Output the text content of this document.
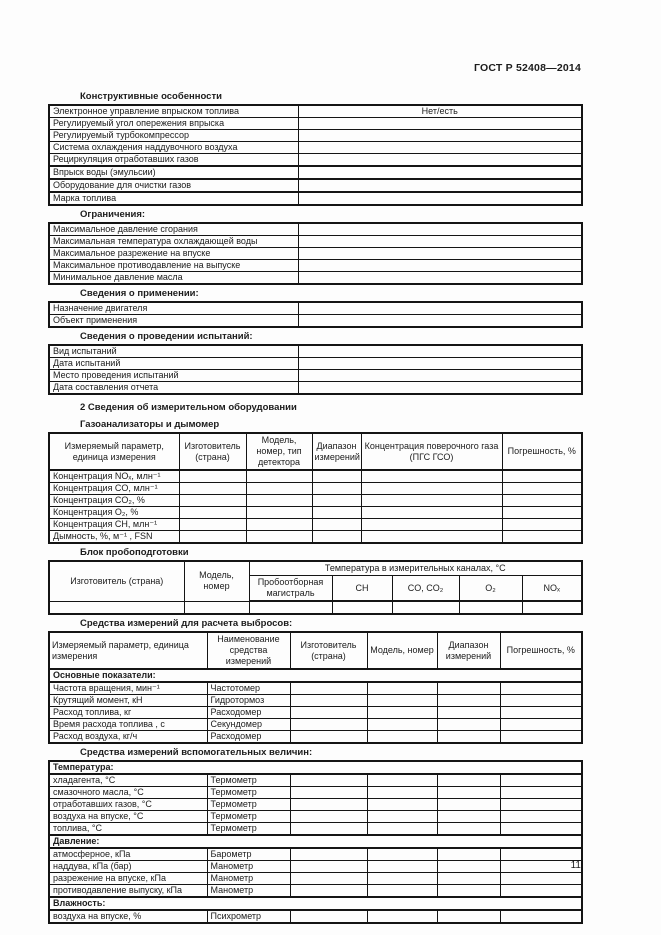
ГОСТ Р 52408—2014
Конструктивные особенности
Электронное управление впрыском топлива	Нет/есть
Регулируемый угол опережения впрыска	
Регулируемый турбокомпрессор	
Система охлаждения наддувочного воздуха	
Рециркуляция отработавших газов	
Впрыск воды (эмульсии)	
Оборудование для очистки газов	
Марка топлива	
Ограничения:
Максимальное давление сгорания	
Максимальная температура охлаждающей воды	
Максимальное разрежение на впуске	
Максимальное противодавление на выпуске	
Минимальное давление масла	
Сведения о применении:
Назначение двигателя	
Объект применения	
Сведения о проведении испытаний:
Вид испытаний	
Дата испытаний	
Место проведения испытаний	
Дата составления отчета	
2 Сведения об измерительном оборудовании
Газоанализаторы и дымомер
Измеряемый параметр, единица измерения	Изготовитель (страна)	Модель, номер, тип детектора	Диапазон измерений	Концентрация поверочного газа (ПГС ГСО)	Погрешность, %
Концентрация NOₓ, млн⁻¹					
Концентрация CO, млн⁻¹					
Концентрация CO₂, %					
Концентрация O₂, %					
Концентрация CH, млн⁻¹					
Дымность, %, м⁻¹ , FSN					
Блок пробоподготовки
Изготовитель (страна)	Модель, номер	Температура в измерительных каналах, °С				
		Пробоотборная магистраль	CH	CO, CO₂	O₂	NOₓ

Средства измерений для расчета выбросов:
Измеряемый параметр, единица измерения	Наименование средства измерений	Изготовитель (страна)	Модель, номер	Диапазон измерений	Погрешность, %
Основные показатели:					
Частота вращения, мин⁻¹	Частотомер				
Крутящий момент, кН	Гидротормоз				
Расход топлива, кг	Расходомер				
Время расхода топлива , с	Секундомер				
Расход воздуха, кг/ч	Расходомер				
Средства измерений вспомогательных величин:
Температура:					
хладагента, °С	Термометр				
смазочного масла, °С	Термометр				
отработавших газов, °С	Термометр				
воздуха на впуске, °С	Термометр				
топлива, °С	Термометр				
Давление:					
атмосферное, кПа	Барометр				
наддува, кПа (бар)	Манометр				
разрежение на впуске, кПа	Манометр				
противодавление выпуску, кПа	Манометр				
Влажность:					
воздуха на впуске, %	Психрометр				
11
